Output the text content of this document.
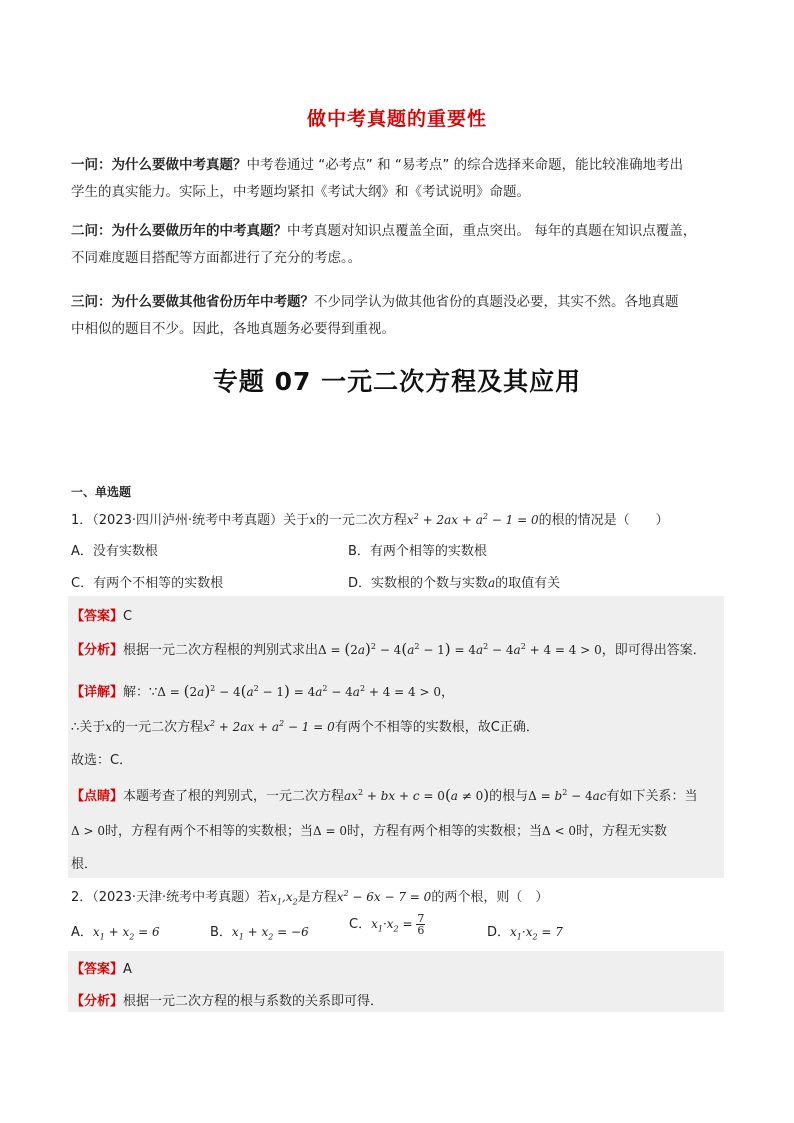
做中考真题的重要性
一问：为什么要做中考真题？中考卷通过 “必考点” 和 “易考点” 的综合选择来命题，能比较准确地考出
学生的真实能力。实际上，中考题均紧扣《考试大纲》和《考试说明》命题。
二问：为什么要做历年的中考真题？中考真题对知识点覆盖全面，重点突出。 每年的真题在知识点覆盖，
不同难度题目搭配等方面都进行了充分的考虑。。
三问：为什么要做其他省份历年中考题？不少同学认为做其他省份的真题没必要，其实不然。各地真题
中相似的题目不少。因此，各地真题务必要得到重视。
专题 07 一元二次方程及其应用
一、单选题
1．（2023·四川泸州·统考中考真题）关于x的一元二次方程$x^2 + 2ax + a^2 - 1 = 0$的根的情况是（　　）
A．没有实数根	B．有两个相等的实数根
C．有两个不相等的实数根	D．实数根的个数与实数a的取值有关
【答案】C
【分析】根据一元二次方程根的判别式求出$\Delta = (2a)^2 - 4(a^2 - 1) = 4a^2 - 4a^2 + 4 = 4 > 0$，即可得出答案．
【详解】解：∵Δ = $(2a)^2 - 4(a^2 - 1) = 4a^2 - 4a^2 + 4 = 4 > 0$，
∴关于x的一元二次方程$x^2 + 2ax + a^2 - 1 = 0$有两个不相等的实数根，故C正确．
故选：C．
【点睛】本题考查了根的判别式，一元二次方程$ax^2$ + bx + c = 0(a ≠ 0)的根与$\Delta = b^2 - 4ac$有如下关系：当
Δ > 0时，方程有两个不相等的实数根；当Δ = 0时，方程有两个相等的实数根；当Δ < 0时，方程无实数
根．
2．（2023·天津·统考中考真题）若$x_1,x_2$是方程$x^2 - 6x - 7 = 0$的两个根，则（　）
A．$x_1 + x_2 = 6$	B．$x_1 + x_2 = -6$	C．$x_1\cdot x_2 = \frac{7}{6}$	D．$x_1\cdot x_2 = 7$
【答案】A
【分析】根据一元二次方程的根与系数的关系即可得．
